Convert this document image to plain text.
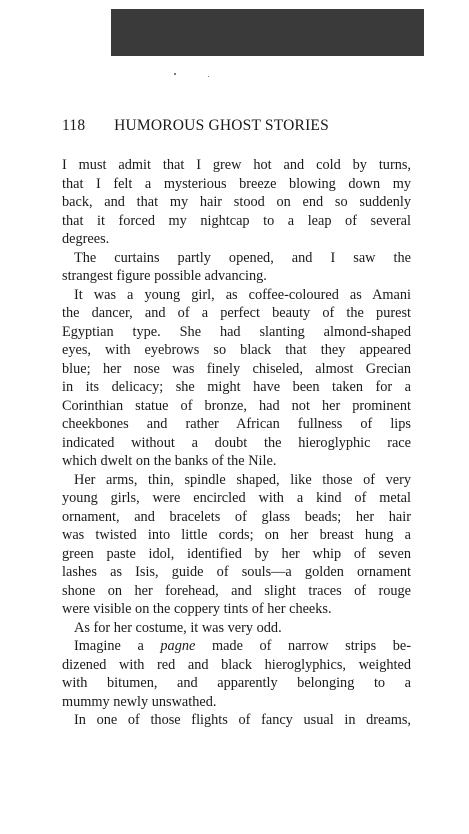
118 HUMOROUS GHOST STORIES
I must admit that I grew hot and cold by turns,
that I felt a mysterious breeze blowing down my
back, and that my hair stood on end so suddenly
that it forced my nightcap to a leap of several
degrees.
The curtains partly opened, and I saw the
strangest figure possible advancing.
It was a young girl, as coffee-coloured as Amani
the dancer, and of a perfect beauty of the purest
Egyptian type. She had slanting almond-shaped
eyes, with eyebrows so black that they appeared
blue; her nose was finely chiseled, almost Grecian
in its delicacy; she might have been taken for a
Corinthian statue of bronze, had not her prominent
cheekbones and rather African fullness of lips
indicated without a doubt the hieroglyphic race
which dwelt on the banks of the Nile.
Her arms, thin, spindle shaped, like those of very
young girls, were encircled with a kind of metal
ornament, and bracelets of glass beads; her hair
was twisted into little cords; on her breast hung a
green paste idol, identified by her whip of seven
lashes as Isis, guide of souls—a golden ornament
shone on her forehead, and slight traces of rouge
were visible on the coppery tints of her cheeks.
As for her costume, it was very odd.
Imagine a pagne made of narrow strips be-
dizened with red and black hieroglyphics, weighted
with bitumen, and apparently belonging to a
mummy newly unswathed.
In one of those flights of fancy usual in dreams,
